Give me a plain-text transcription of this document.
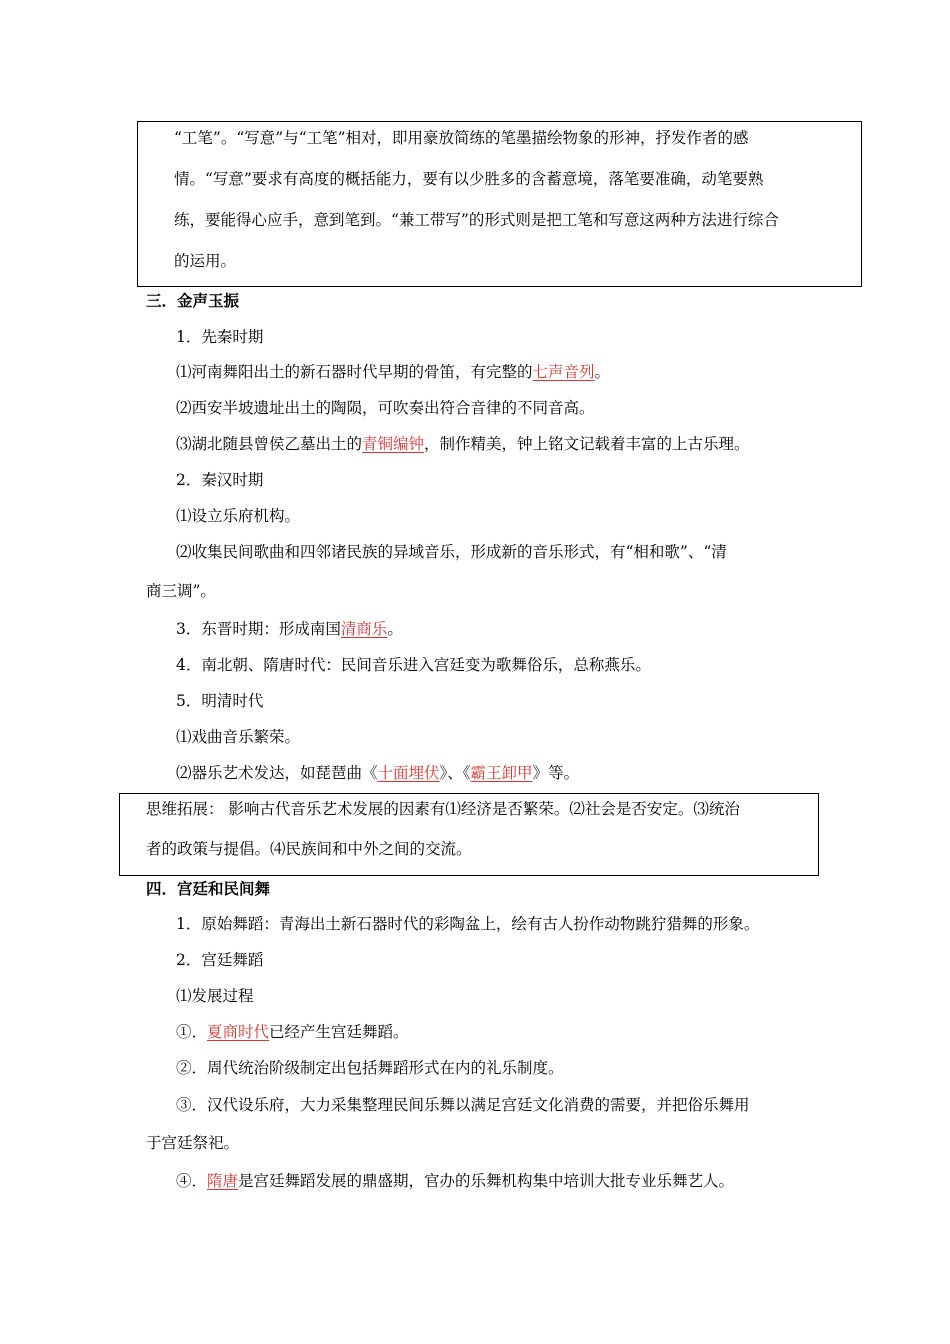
“工笔”。“写意”与“工笔”相对，即用豪放简练的笔墨描绘物象的形神，抒发作者的感
情。“写意”要求有高度的概括能力，要有以少胜多的含蓄意境，落笔要准确，动笔要熟
练，要能得心应手，意到笔到。“兼工带写”的形式则是把工笔和写意这两种方法进行综合
的运用。
三．金声玉振
1．先秦时期
⑴河南舞阳出土的新石器时代早期的骨笛，有完整的七声音列。
⑵西安半坡遗址出土的陶陨，可吹奏出符合音律的不同音高。
⑶湖北随县曾侯乙墓出土的青铜编钟，制作精美，钟上铭文记载着丰富的上古乐理。
2．秦汉时期
⑴设立乐府机构。
⑵收集民间歌曲和四邻诸民族的异域音乐，形成新的音乐形式，有“相和歌”、“清
商三调”。
3．东晋时期：形成南国清商乐。
4．南北朝、隋唐时代：民间音乐进入宫廷变为歌舞俗乐，总称燕乐。
5．明清时代
⑴戏曲音乐繁荣。
⑵器乐艺术发达，如琵琶曲《十面埋伏》、《霸王卸甲》等。
思维拓展： 影响古代音乐艺术发展的因素有⑴经济是否繁荣。⑵社会是否安定。⑶统治
者的政策与提倡。⑷民族间和中外之间的交流。
四．宫廷和民间舞
1．原始舞蹈：青海出土新石器时代的彩陶盆上，绘有古人扮作动物跳狞猎舞的形象。
2．宫廷舞蹈
⑴发展过程
①．夏商时代已经产生宫廷舞蹈。
②．周代统治阶级制定出包括舞蹈形式在内的礼乐制度。
③．汉代设乐府，大力采集整理民间乐舞以满足宫廷文化消费的需要，并把俗乐舞用
于宫廷祭祀。
④．隋唐是宫廷舞蹈发展的鼎盛期，官办的乐舞机构集中培训大批专业乐舞艺人。
